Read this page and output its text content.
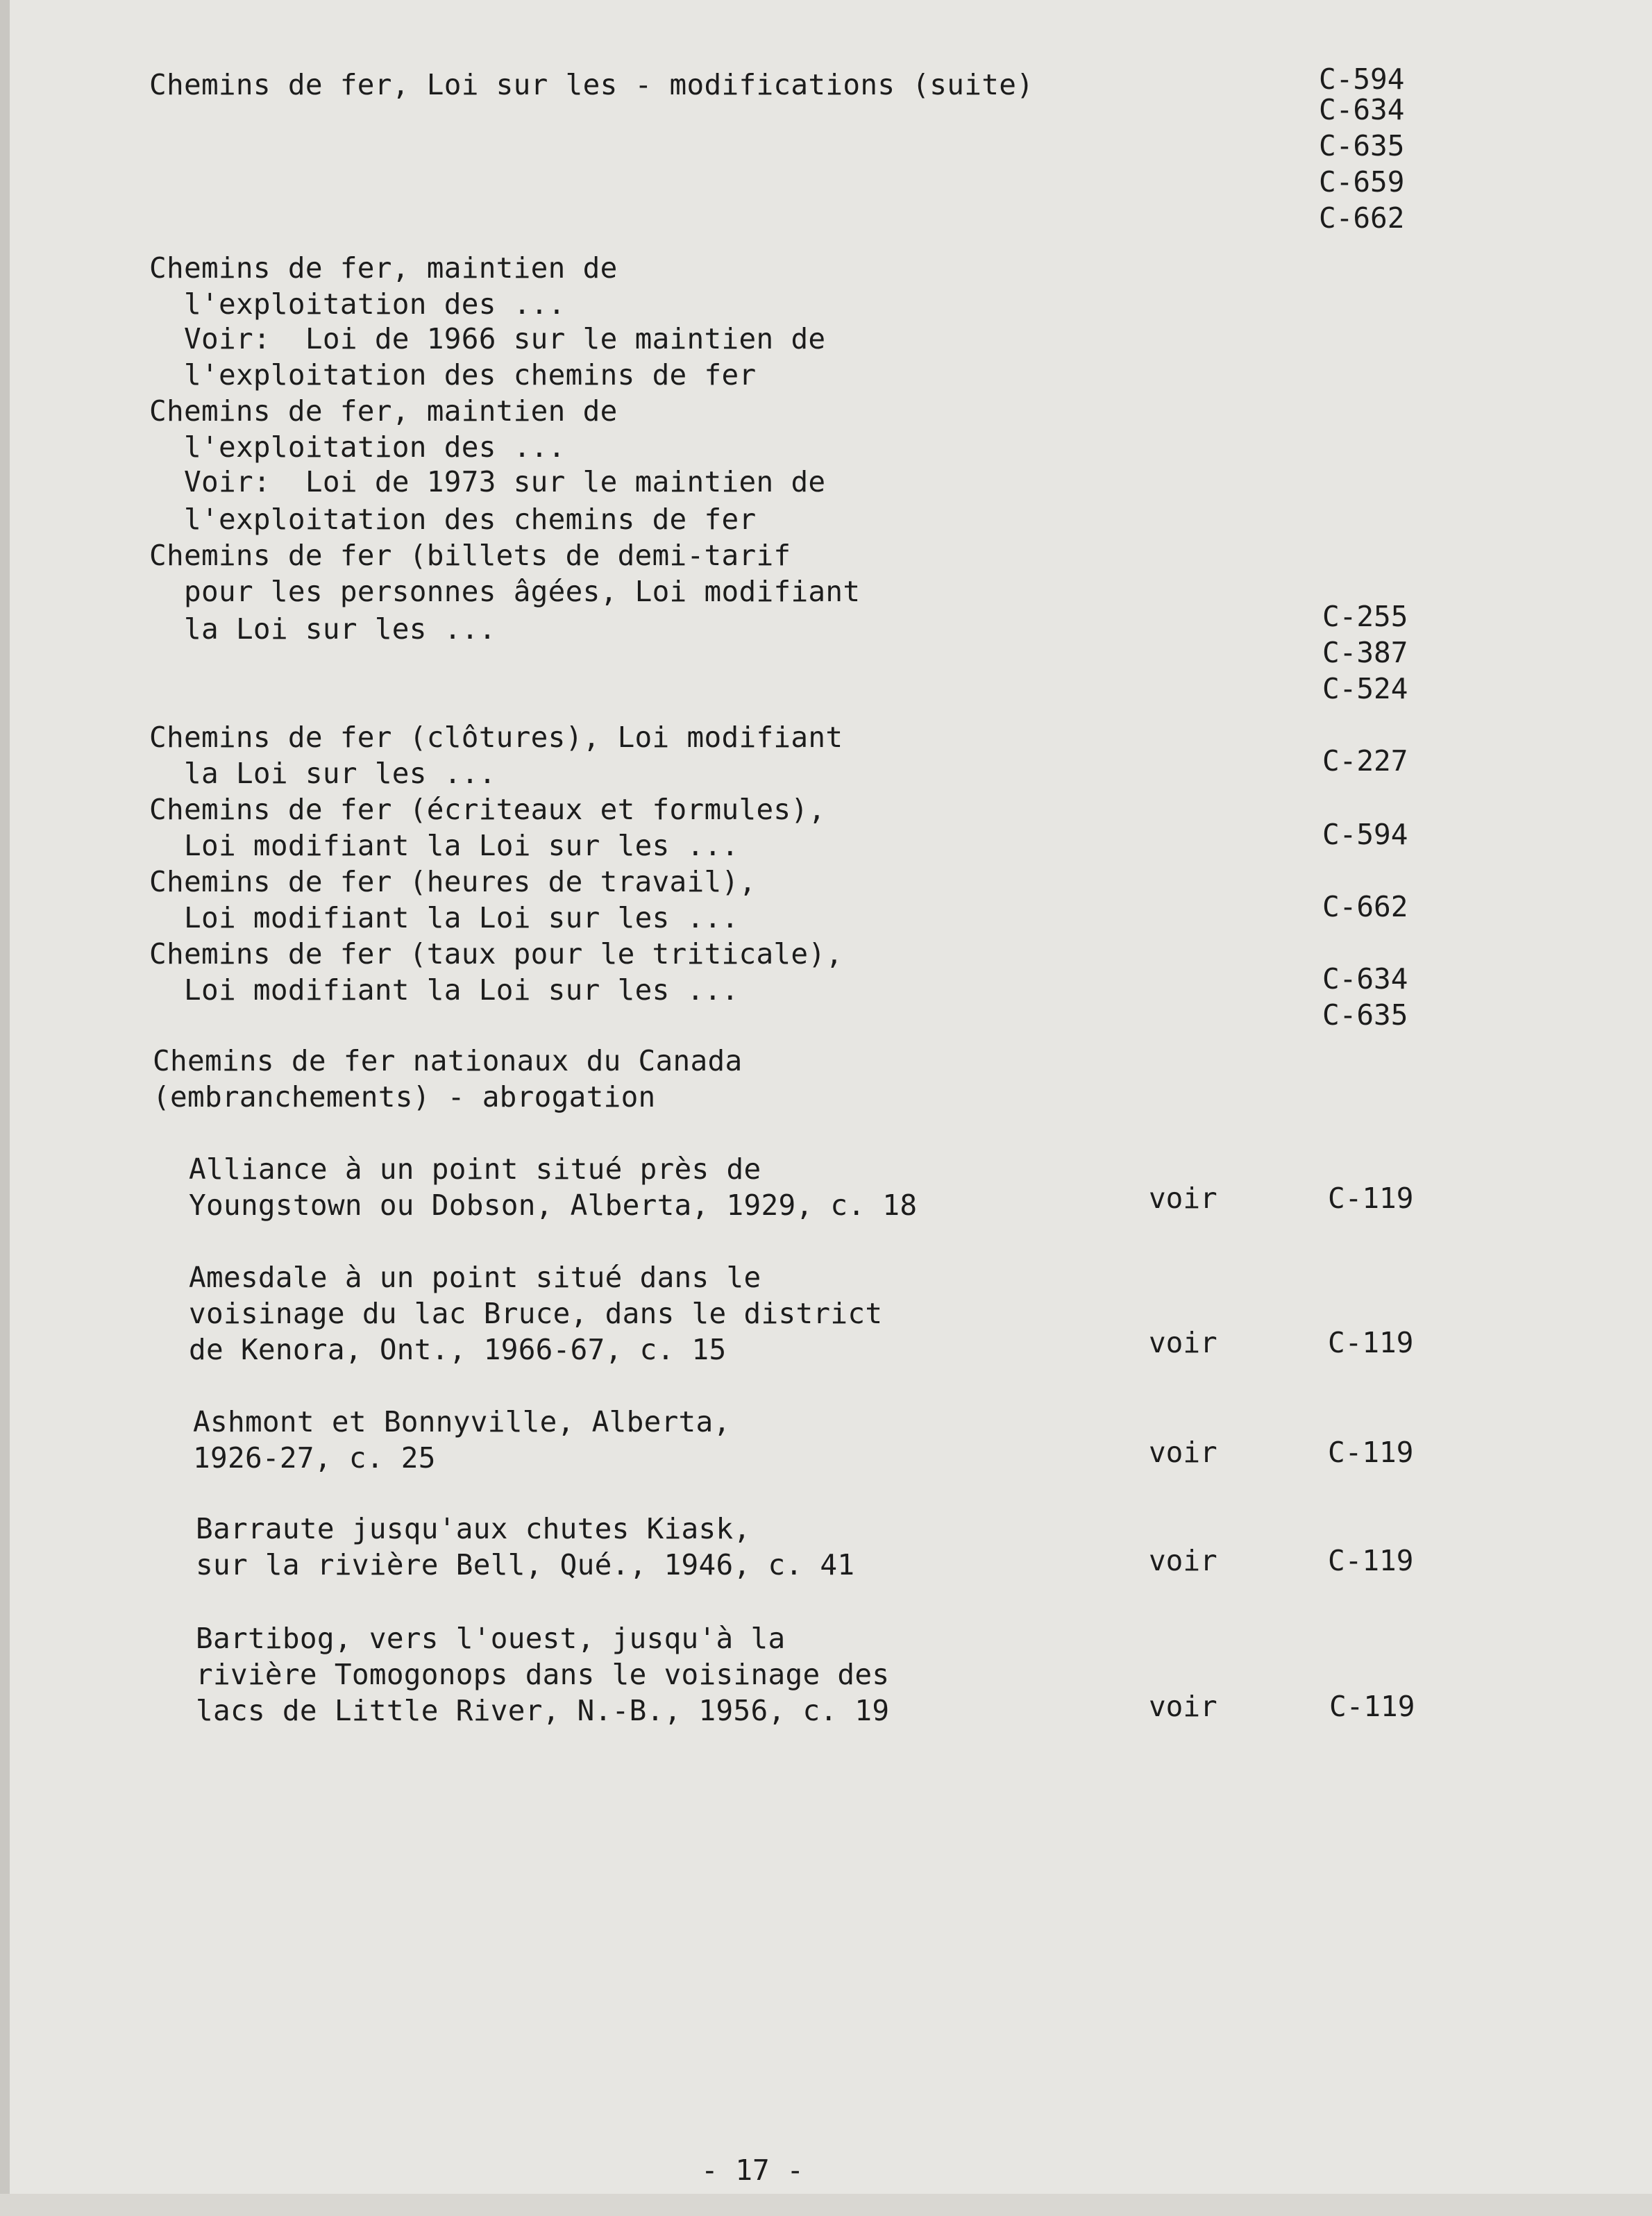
Chemins de fer, Loi sur les - modifications (suite)	C-594
C-634
C-635
C-659
C-662
Chemins de fer, maintien de
l'exploitation des ...
Voir:  Loi de 1966 sur le maintien de
l'exploitation des chemins de fer
Chemins de fer, maintien de
l'exploitation des ...
Voir:  Loi de 1973 sur le maintien de
l'exploitation des chemins de fer
Chemins de fer (billets de demi-tarif
pour les personnes âgées, Loi modifiant
la Loi sur les ...	C-255
C-387
C-524
Chemins de fer (clôtures), Loi modifiant
la Loi sur les ...	C-227
Chemins de fer (écriteaux et formules),
Loi modifiant la Loi sur les ...	C-594
Chemins de fer (heures de travail),
Loi modifiant la Loi sur les ...	C-662
Chemins de fer (taux pour le triticale),
Loi modifiant la Loi sur les ...	C-634
C-635
Chemins de fer nationaux du Canada
(embranchements) - abrogation
Alliance à un point situé près de
Youngstown ou Dobson, Alberta, 1929, c. 18	voir	C-119
Amesdale à un point situé dans le
voisinage du lac Bruce, dans le district
de Kenora, Ont., 1966-67, c. 15	voir	C-119
Ashmont et Bonnyville, Alberta,
1926-27, c. 25	voir	C-119
Barraute jusqu'aux chutes Kiask,
sur la rivière Bell, Qué., 1946, c. 41	voir	C-119
Bartibog, vers l'ouest, jusqu'à la
rivière Tomogonops dans le voisinage des
lacs de Little River, N.-B., 1956, c. 19	voir	C-119
- 17 -
